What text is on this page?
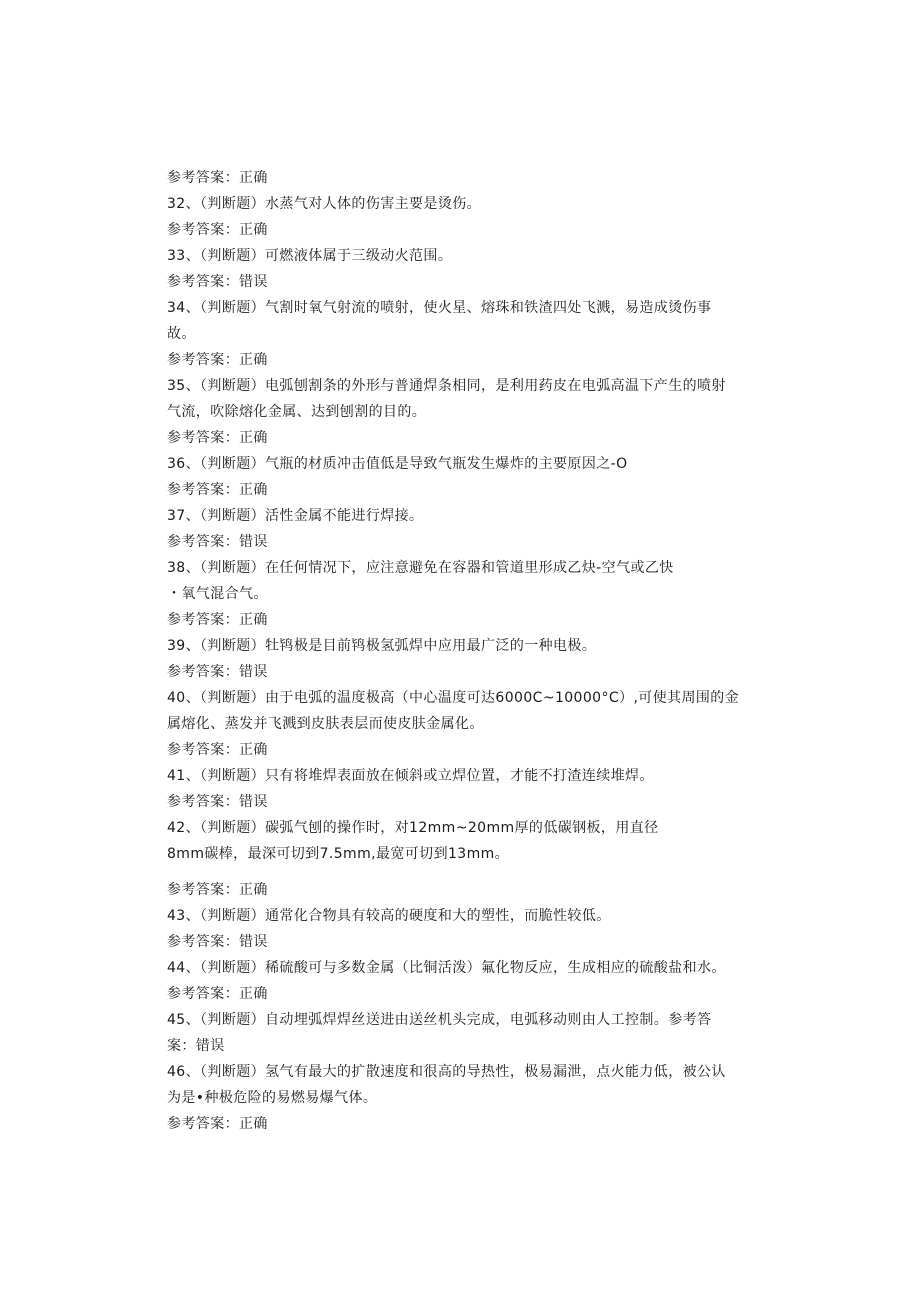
参考答案：正确
32、（判断题）水蒸气对人体的伤害主要是烫伤。
参考答案：正确
33、（判断题）可燃液体属于三级动火范围。
参考答案：错误
34、（判断题）气割时氧气射流的喷射，使火星、熔珠和铁渣四处飞溅，易造成烫伤事
故。
参考答案：正确
35、（判断题）电弧刨割条的外形与普通焊条相同，是利用药皮在电弧高温下产生的喷射
气流，吹除熔化金属、达到刨割的目的。
参考答案：正确
36、（判断题）气瓶的材质冲击值低是导致气瓶发生爆炸的主要原因之-O
参考答案：正确
37、（判断题）活性金属不能进行焊接。
参考答案：错误
38、（判断题）在任何情况下，应注意避免在容器和管道里形成乙炔-空气或乙快
・氧气混合气。
参考答案：正确
39、（判断题）牡鸨极是目前鸨极氢弧焊中应用最广泛的一种电极。
参考答案：错误
40、（判断题）由于电弧的温度极高（中心温度可达6000C~10000°C）,可使其周围的金
属熔化、蒸发并飞溅到皮肤表层而使皮肤金属化。
参考答案：正确
41、（判断题）只有将堆焊表面放在倾斜或立焊位置，才能不打渣连续堆焊。
参考答案：错误
42、（判断题）碳弧气刨的操作时，对12mm~20mm厚的低碳钢板，用直径
8mm碳棒，最深可切到7.5mm,最宽可切到13mm。
参考答案：正确
43、（判断题）通常化合物具有较高的硬度和大的塑性，而脆性较低。
参考答案：错误
44、（判断题）稀硫酸可与多数金属（比铜活泼）氟化物反应，生成相应的硫酸盐和水。
参考答案：正确
45、（判断题）自动埋弧焊焊丝送进由送丝机头完成，电弧移动则由人工控制。参考答
案：错误
46、（判断题）氢气有最大的扩散速度和很高的导热性，极易漏泄，点火能力低，被公认
为是•种极危险的易燃易爆气体。
参考答案：正确
